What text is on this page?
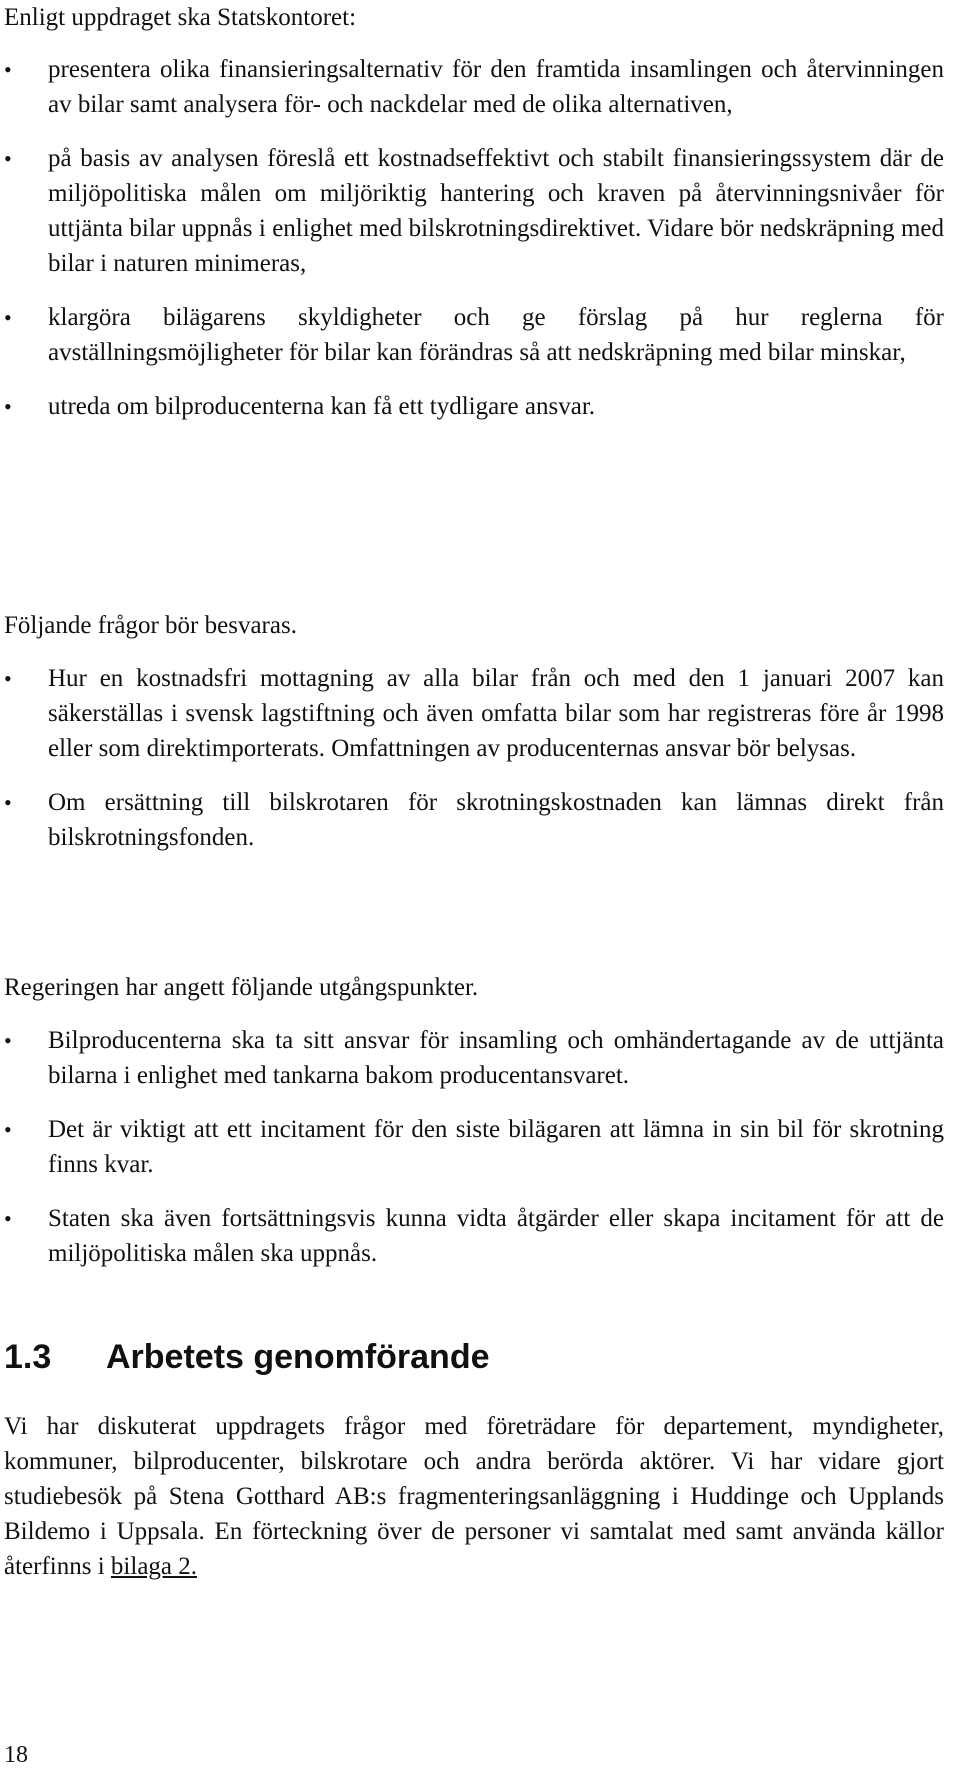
Enligt uppdraget ska Statskontoret:

•	presentera olika finansieringsalternativ för den framtida insamlingen och återvinningen av bilar samt analysera för- och nackdelar med de olika alternativen,
•	på basis av analysen föreslå ett kostnadseffektivt och stabilt finansieringssystem där de miljöpolitiska målen om miljöriktig hantering och kraven på återvinningsnivåer för uttjänta bilar uppnås i enlighet med bilskrotningsdirektivet. Vidare bör nedskräpning med bilar i naturen minimeras,
•	klargöra bilägarens skyldigheter och ge förslag på hur reglerna för avställningsmöjligheter för bilar kan förändras så att nedskräpning med bilar minskar,
•	utreda om bilproducenterna kan få ett tydligare ansvar.

Följande frågor bör besvaras.

•	Hur en kostnadsfri mottagning av alla bilar från och med den 1 januari 2007 kan säkerställas i svensk lagstiftning och även omfatta bilar som har registreras före år 1998 eller som direktimporterats. Omfattningen av producenternas ansvar bör belysas.
•	Om ersättning till bilskrotaren för skrotningskostnaden kan lämnas direkt från bilskrotningsfonden.

Regeringen har angett följande utgångspunkter.

•	Bilproducenterna ska ta sitt ansvar för insamling och omhändertagande av de uttjänta bilarna i enlighet med tankarna bakom producentansvaret.
•	Det är viktigt att ett incitament för den siste bilägaren att lämna in sin bil för skrotning finns kvar.
•	Staten ska även fortsättningsvis kunna vidta åtgärder eller skapa incitament för att de miljöpolitiska målen ska uppnås.
1.3 Arbetets genomförande

Vi har diskuterat uppdragets frågor med företrädare för departement, myndigheter, kommuner, bilproducenter, bilskrotare och andra berörda aktörer. Vi har vidare gjort studiebesök på Stena Gotthard AB:s fragmenteringsanläggning i Huddinge och Upplands Bildemo i Uppsala. En förteckning över de personer vi samtalat med samt använda källor återfinns i bilaga 2.

18
